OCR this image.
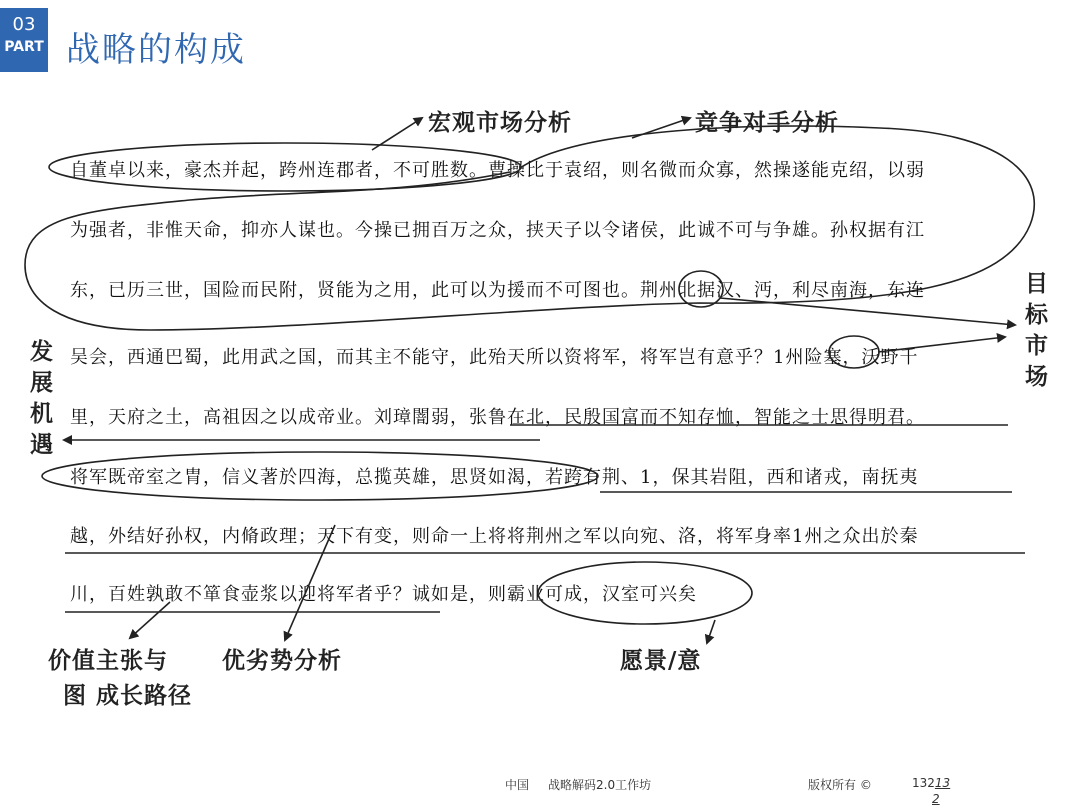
03
PART 战略的构成
自董卓以来，豪杰并起，跨州连郡者，不可胜数。曹操比于袁绍，则名微而众寡，然操遂能克绍，以弱
为强者，非惟天命，抑亦人谋也。今操已拥百万之众，挟天子以令诸侯，此诚不可与争雄。孙权据有江
东，已历三世，国险而民附，贤能为之用，此可以为援而不可图也。荆州北据汉、沔，利尽南海，东连
吴会，西通巴蜀，此用武之国，而其主不能守，此殆天所以资将军，将军岂有意乎？1州险塞，沃野千
里，天府之土，高祖因之以成帝业。刘璋闇弱，张鲁在北，民殷国富而不知存恤，智能之士思得明君。
将军既帝室之胄，信义著於四海，总揽英雄，思贤如渴，若跨有荆、1，保其岩阻，西和诸戎，南抚夷
越，外结好孙权，内脩政理；天下有变，则命一上将将荆州之军以向宛、洛，将军身率1州之众出於秦
川，百姓孰敢不箪食壶浆以迎将军者乎？诚如是，则霸业可成，汉室可兴矣
宏观市场分析	竞争对手分析
目标市场
发展机遇
价值主张与
图 成长路径
优劣势分析	愿景/意
中国 战略解码2.0工作坊	版权所有 ©	13213
2
